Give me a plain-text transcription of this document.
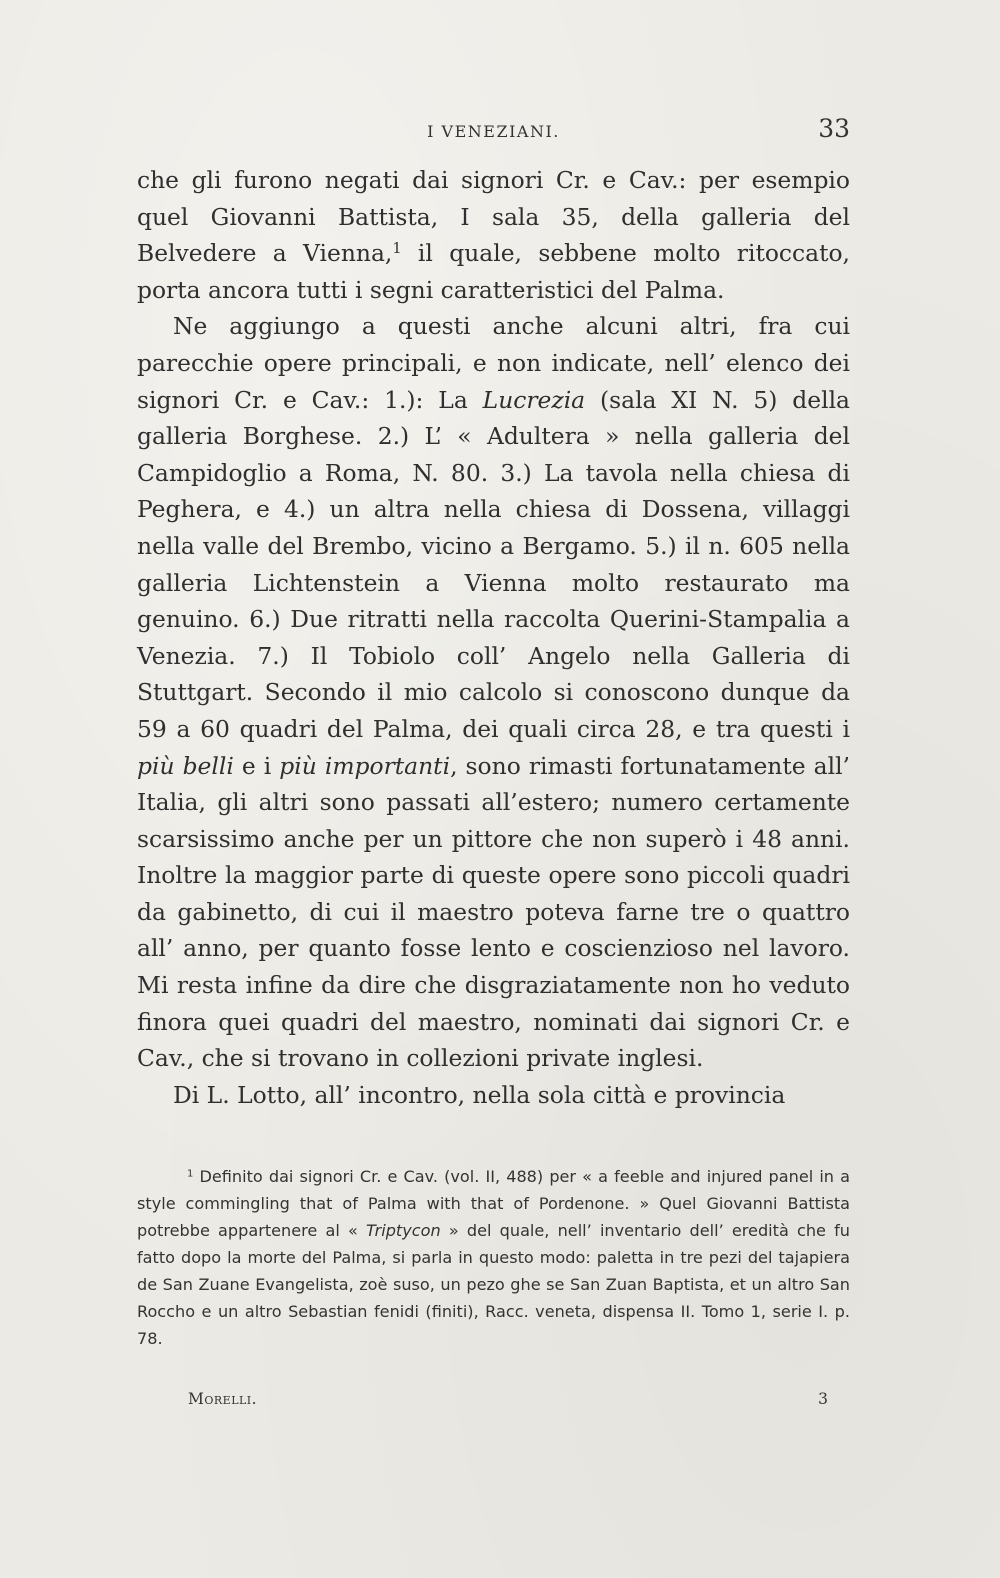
I VENEZIANI.	33

che gli furono negati dai signori Cr. e Cav.: per esempio quel Giovanni Battista, I sala 35, della galleria del Belvedere a Vienna,$^1$ il quale, sebbene molto ritoccato, porta ancora tutti i segni caratteristici del Palma.

Ne aggiungo a questi anche alcuni altri, fra cui parecchie opere principali, e non indicate, nell’ elenco dei signori Cr. e Cav.: 1.): La Lucrezia (sala XI N. 5) della galleria Borghese. 2.) L’ « Adultera » nella galleria del Campidoglio a Roma, N. 80. 3.) La tavola nella chiesa di Peghera, e 4.) un altra nella chiesa di Dossena, villaggi nella valle del Brembo, vicino a Bergamo. 5.) il n. 605 nella galleria Lichtenstein a Vienna molto restaurato ma genuino. 6.) Due ritratti nella raccolta Querini-Stampalia a Venezia. 7.) Il Tobiolo coll’ Angelo nella Galleria di Stuttgart. Secondo il mio calcolo si conoscono dunque da 59 a 60 quadri del Palma, dei quali circa 28, e tra questi i più belli e i più importanti, sono rimasti fortunatamente all’ Italia, gli altri sono passati all’estero; numero certamente scarsissimo anche per un pittore che non superò i 48 anni. Inoltre la maggior parte di queste opere sono piccoli quadri da gabinetto, di cui il maestro poteva farne tre o quattro all’ anno, per quanto fosse lento e coscienzioso nel lavoro. Mi resta infine da dire che disgraziatamente non ho veduto finora quei quadri del maestro, nominati dai signori Cr. e Cav., che si trovano in collezioni private inglesi.

Di L. Lotto, all’ incontro, nella sola città e provincia

$^1$ Definito dai signori Cr. e Cav. (vol. II, 488) per « a feeble and injured panel in a style commingling that of Palma with that of Pordenone. » Quel Giovanni Battista potrebbe appartenere al « Triptycon » del quale, nell’ inventario dell’ eredità che fu fatto dopo la morte del Palma, si parla in questo modo: paletta in tre pezi del tajapiera de San Zuane Evangelista, zoè suso, un pezo ghe se San Zuan Baptista, et un altro San Roccho e un altro Sebastian fenidi (finiti), Racc. veneta, dispensa II. Tomo 1, serie I. p. 78.

Morelli.	3
